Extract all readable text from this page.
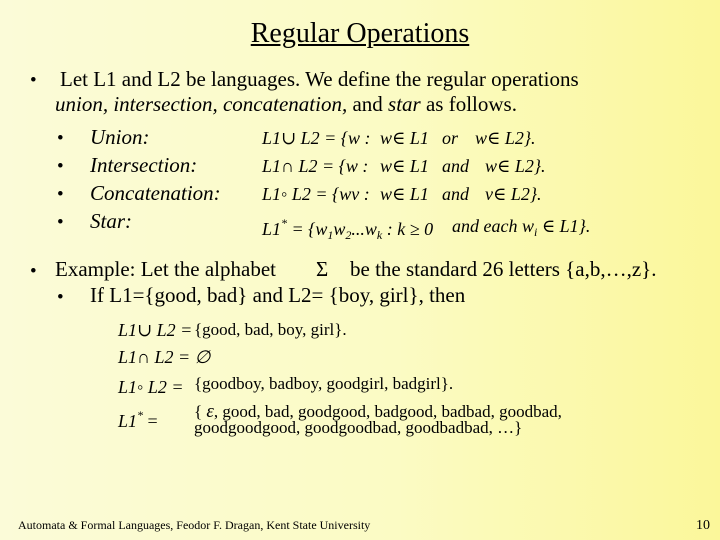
Regular Operations
• Let L1 and L2 be languages. We define the regular operations
union, intersection, concatenation, and star as follows.
• Union:	L1∪ L2 = {w : w∈ L1 or w∈ L2}.
• Intersection:	L1∩ L2 = {w : w∈ L1 and w∈ L2}.
• Concatenation: L1◦ L2 = {wv : w∈ L1 and v∈ L2}.
• Star:	$L1^* = \{w_1w_2...w_k$ : k ≥ 0 and each $w_i$ ∈ L1}.
• Example: Let the alphabet Σ be the standard 26 letters {a,b,…,z}.
• If L1={good, bad} and L2= {boy, girl}, then
L1∪ L2 = {good, bad, boy, girl}.
L1∩ L2 = ∅
L1◦ L2 = {goodboy, badboy, goodgirl, badgirl}.
L1* = { ε, good, bad, goodgood, badgood, badbad, goodbad,
goodgoodgood, goodgoodbad, goodbadbad, …}
Automata & Formal Languages, Feodor F. Dragan, Kent State University	10
